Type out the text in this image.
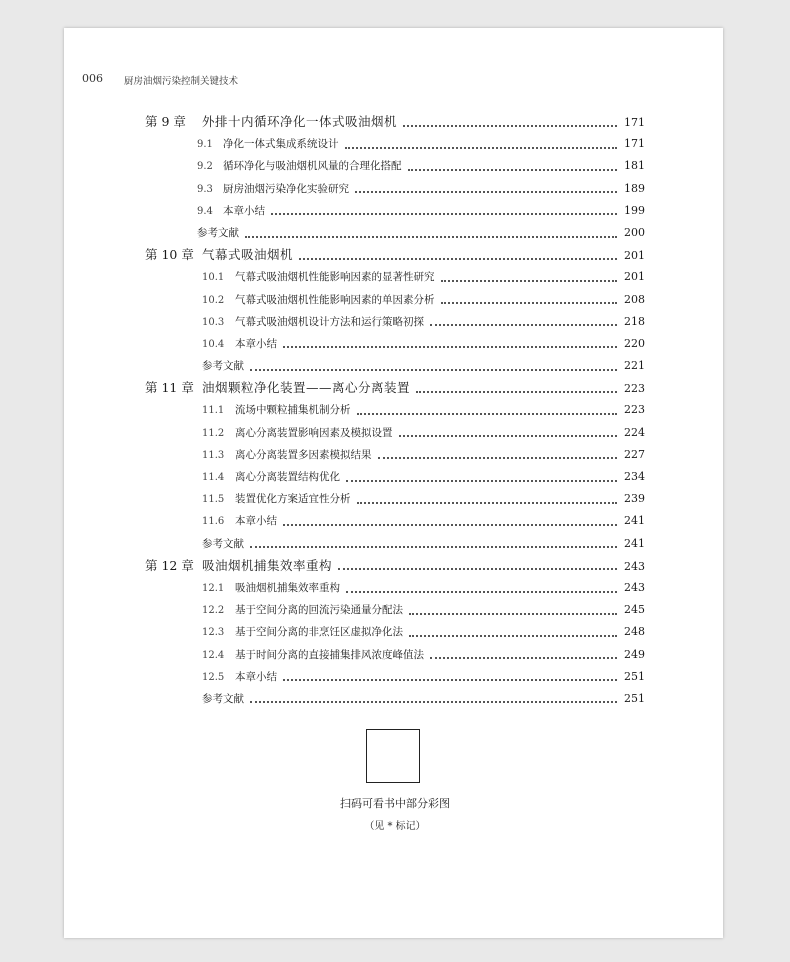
006 厨房油烟污染控制关键技术
第 9 章	外排十内循环净化一体式吸油烟机	171
9.1 净化一体式集成系统设计	171
9.2 循环净化与吸油烟机风量的合理化搭配	181
9.3 厨房油烟污染净化实验研究	189
9.4 本章小结	199
参考文献	200
第 10 章 气幕式吸油烟机	201
10.1	气幕式吸油烟机性能影响因素的显著性研究	201
10.2	气幕式吸油烟机性能影响因素的单因素分析	208
10.3	气幕式吸油烟机设计方法和运行策略初探	218
10.4	本章小结	220
参考文献	221
第 11 章 油烟颗粒净化装置——离心分离装置	223
11.1	流场中颗粒捕集机制分析	223
11.2	离心分离装置影响因素及模拟设置	224
11.3	离心分离装置多因素模拟结果	227
11.4	离心分离装置结构优化	234
11.5	装置优化方案适宜性分析	239
11.6	本章小结	241
参考文献	241
第 12 章 吸油烟机捕集效率重构	243
12.1	吸油烟机捕集效率重构	243
12.2	基于空间分离的回流污染通量分配法	245
12.3	基于空间分离的非烹饪区虚拟净化法	248
12.4	基于时间分离的直接捕集排风浓度峰值法	249
12.5	本章小结	251
参考文献	251
扫码可看书中部分彩图
（见 * 标记）
